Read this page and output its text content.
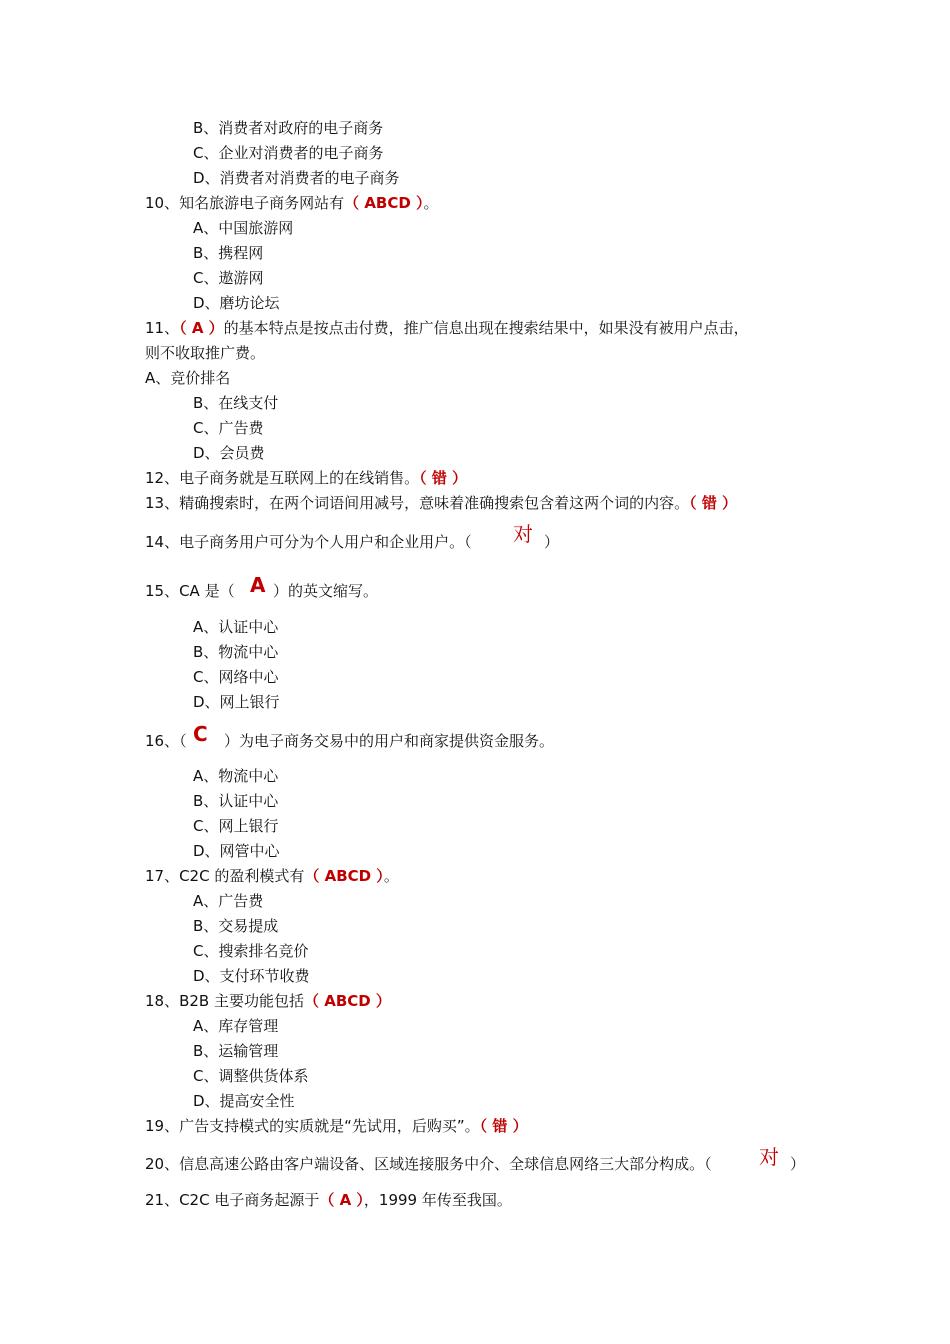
B、消费者对政府的电子商务
C、企业对消费者的电子商务
D、消费者对消费者的电子商务
10、知名旅游电子商务网站有（ ABCD ）。
A、中国旅游网
B、携程网
C、遨游网
D、磨坊论坛
11、（ A ）的基本特点是按点击付费，推广信息出现在搜索结果中，如果没有被用户点击，
则不收取推广费。
A、竞价排名
B、在线支付
C、广告费
D、会员费
12、电子商务就是互联网上的在线销售。（ 错 ）
13、精确搜索时，在两个词语间用减号，意味着准确搜索包含着这两个词的内容。（ 错 ）
14、电子商务用户可分为个人用户和企业用户。（ 对 ）
15、CA 是（ A ）的英文缩写。
A、认证中心
B、物流中心
C、网络中心
D、网上银行
16、（ C ）为电子商务交易中的用户和商家提供资金服务。
A、物流中心
B、认证中心
C、网上银行
D、网管中心
17、C2C 的盈利模式有（ ABCD ）。
A、广告费
B、交易提成
C、搜索排名竞价
D、支付环节收费
18、B2B 主要功能包括（ ABCD ）
A、库存管理
B、运输管理
C、调整供货体系
D、提高安全性
19、广告支持模式的实质就是“先试用，后购买”。（ 错 ）
20、信息高速公路由客户端设备、区域连接服务中介、全球信息网络三大部分构成。（ 对 ）
21、C2C 电子商务起源于（ A ），1999 年传至我国。
